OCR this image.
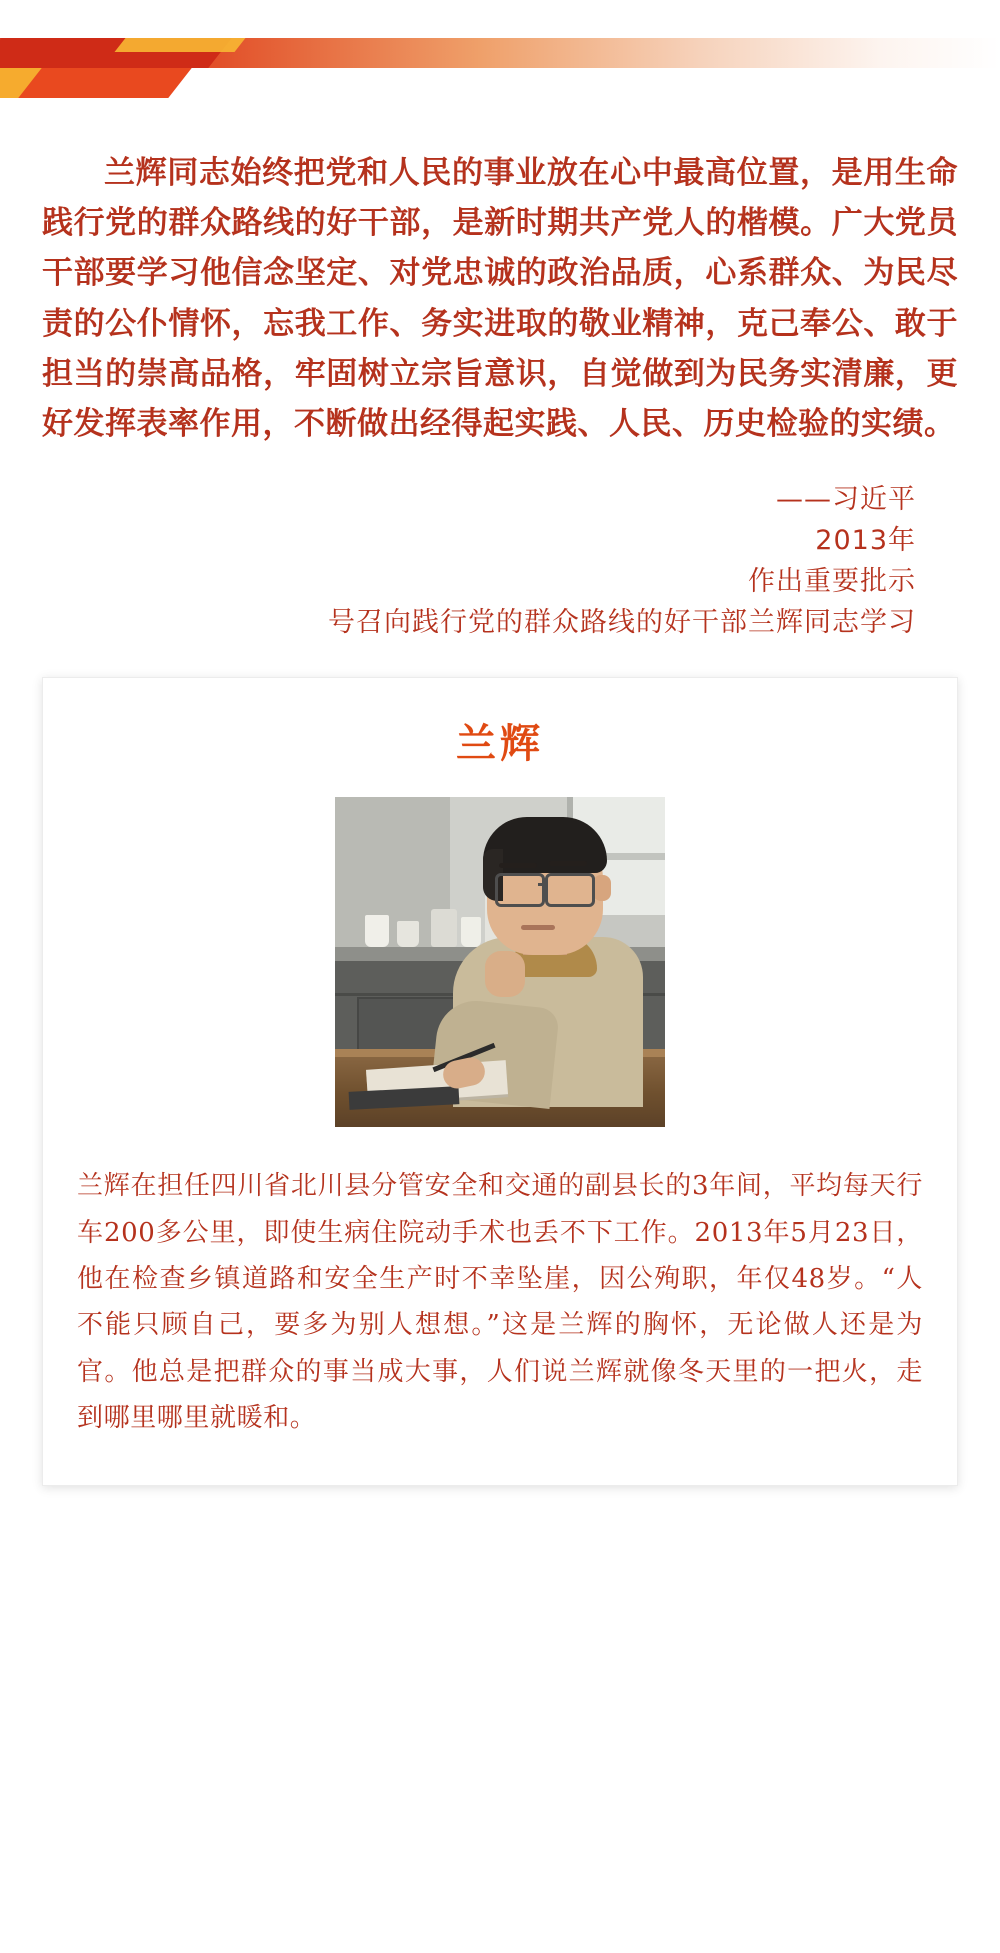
兰辉同志始终把党和人民的事业放在心中最高位置，是用生命践行党的群众路线的好干部，是新时期共产党人的楷模。广大党员干部要学习他信念坚定、对党忠诚的政治品质，心系群众、为民尽责的公仆情怀，忘我工作、务实进取的敬业精神，克己奉公、敢于担当的崇高品格，牢固树立宗旨意识，自觉做到为民务实清廉，更好发挥表率作用，不断做出经得起实践、人民、历史检验的实绩。
——习近平
2013年
作出重要批示
号召向践行党的群众路线的好干部兰辉同志学习
兰辉
兰辉在担任四川省北川县分管安全和交通的副县长的3年间，平均每天行车200多公里，即使生病住院动手术也丢不下工作。2013年5月23日，他在检查乡镇道路和安全生产时不幸坠崖，因公殉职，年仅48岁。“人不能只顾自己，要多为别人想想。”这是兰辉的胸怀，无论做人还是为官。他总是把群众的事当成大事，人们说兰辉就像冬天里的一把火，走到哪里哪里就暖和。
